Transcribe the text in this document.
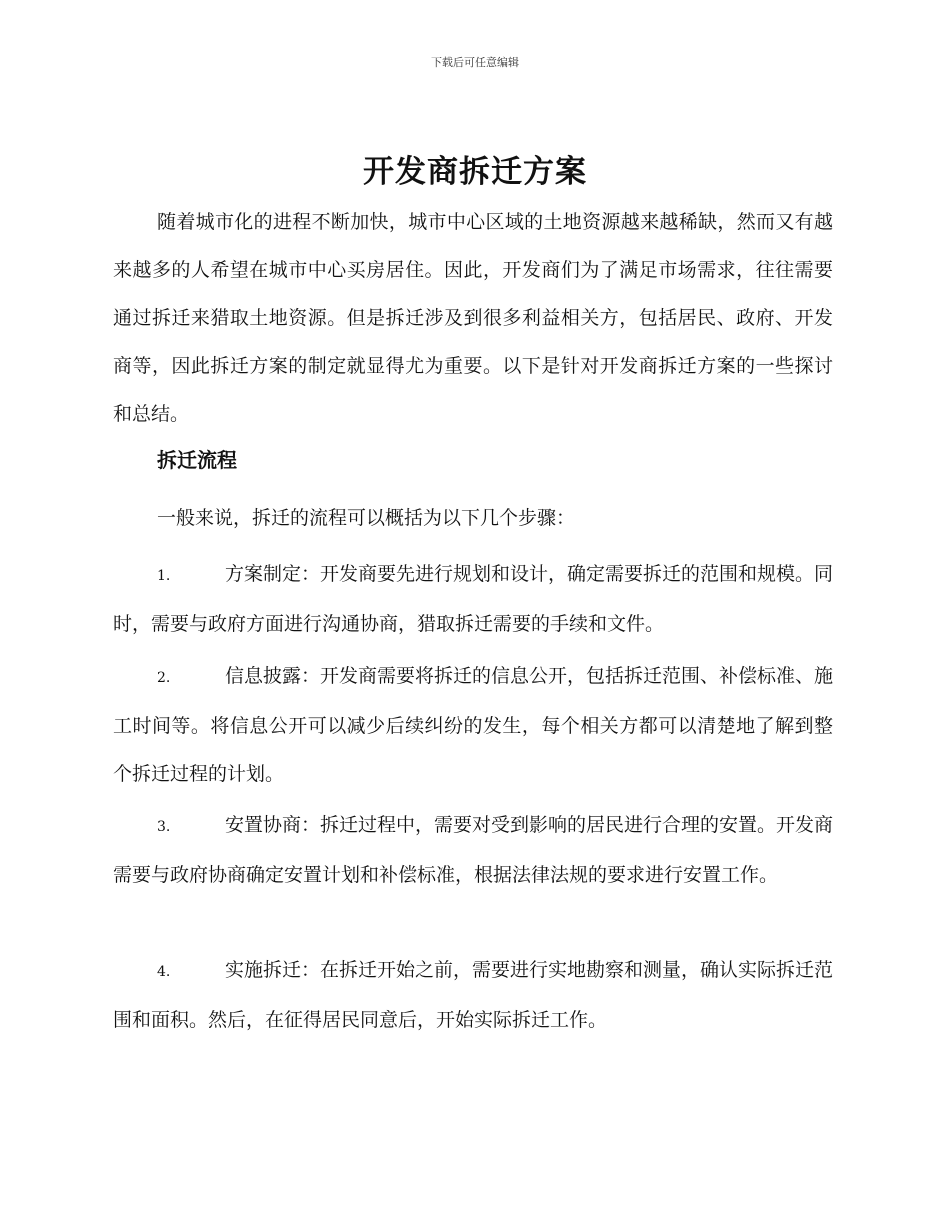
下载后可任意编辑
开发商拆迁方案

随着城市化的进程不断加快，城市中心区域的土地资源越来越稀缺，然而又有越来越多的人希望在城市中心买房居住。因此，开发商们为了满足市场需求，往往需要通过拆迁来猎取土地资源。但是拆迁涉及到很多利益相关方，包括居民、政府、开发商等，因此拆迁方案的制定就显得尤为重要。以下是针对开发商拆迁方案的一些探讨和总结。

拆迁流程

一般来说，拆迁的流程可以概括为以下几个步骤：

1.	方案制定：开发商要先进行规划和设计，确定需要拆迁的范围和规模。同时，需要与政府方面进行沟通协商，猎取拆迁需要的手续和文件。

2.	信息披露：开发商需要将拆迁的信息公开，包括拆迁范围、补偿标准、施工时间等。将信息公开可以减少后续纠纷的发生，每个相关方都可以清楚地了解到整个拆迁过程的计划。

3.	安置协商：拆迁过程中，需要对受到影响的居民进行合理的安置。开发商需要与政府协商确定安置计划和补偿标准，根据法律法规的要求进行安置工作。

4.	实施拆迁：在拆迁开始之前，需要进行实地勘察和测量，确认实际拆迁范围和面积。然后，在征得居民同意后，开始实际拆迁工作。
